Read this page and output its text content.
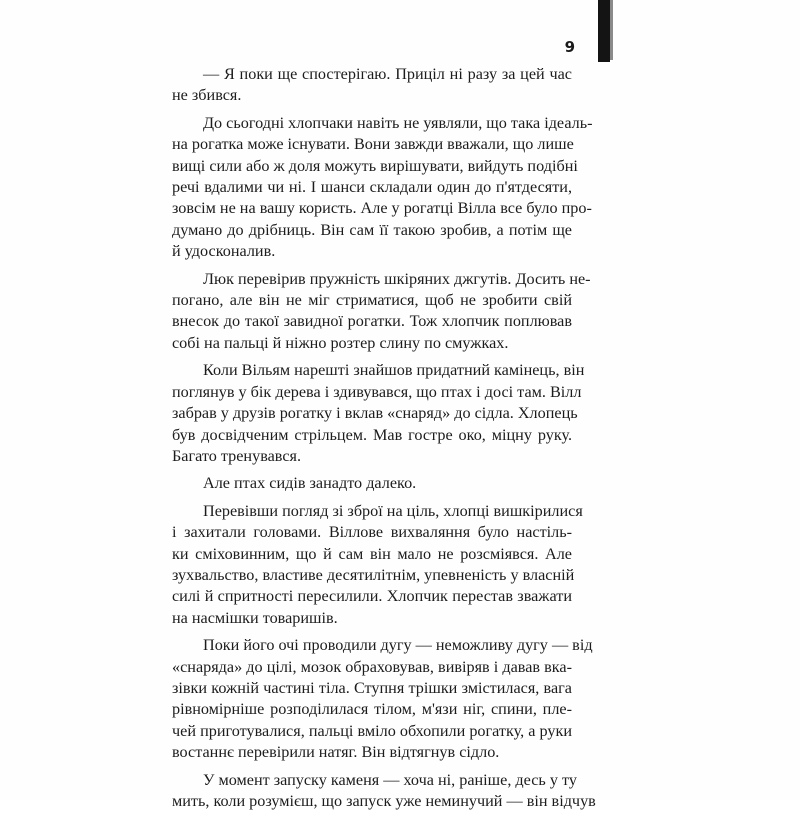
9

— Я поки ще спостерігаю. Приціл ні разу за цей час
не збився.

До сьогодні хлопчаки навіть не уявляли, що така ідеаль-
на рогатка може існувати. Вони завжди вважали, що лише
вищі сили або ж доля можуть вирішувати, вийдуть подібні
речі вдалими чи ні. І шанси складали один до п'ятдесяти,
зовсім не на вашу користь. Але у рогатці Вілла все було про-
думано до дрібниць. Він сам її такою зробив, а потім ще
й удосконалив.

Люк перевірив пружність шкіряних джгутів. Досить не-
погано, але він не міг стриматися, щоб не зробити свій
внесок до такої завидної рогатки. Тож хлопчик поплював
собі на пальці й ніжно розтер слину по смужках.

Коли Вільям нарешті знайшов придатний камінець, він
поглянув у бік дерева і здивувався, що птах і досі там. Вілл
забрав у друзів рогатку і вклав «снаряд» до сідла. Хлопець
був досвідченим стрільцем. Мав гостре око, міцну руку.
Багато тренувався.

Але птах сидів занадто далеко.

Перевівши погляд зі зброї на ціль, хлопці вишкірилися
і захитали головами. Віллове вихваляння було настіль-
ки сміховинним, що й сам він мало не розсміявся. Але
зухвальство, властиве десятилітнім, упевненість у власній
силі й спритності пересилили. Хлопчик перестав зважати
на насмішки товаришів.

Поки його очі проводили дугу — неможливу дугу — від
«снаряда» до цілі, мозок обраховував, вивіряв і давав вка-
зівки кожній частині тіла. Ступня трішки змістилася, вага
рівномірніше розподілилася тілом, м'язи ніг, спини, пле-
чей приготувалися, пальці вміло обхопили рогатку, а руки
востаннє перевірили натяг. Він відтягнув сідло.

У момент запуску каменя — хоча ні, раніше, десь у ту
мить, коли розумієш, що запуск уже неминучий — він відчув
